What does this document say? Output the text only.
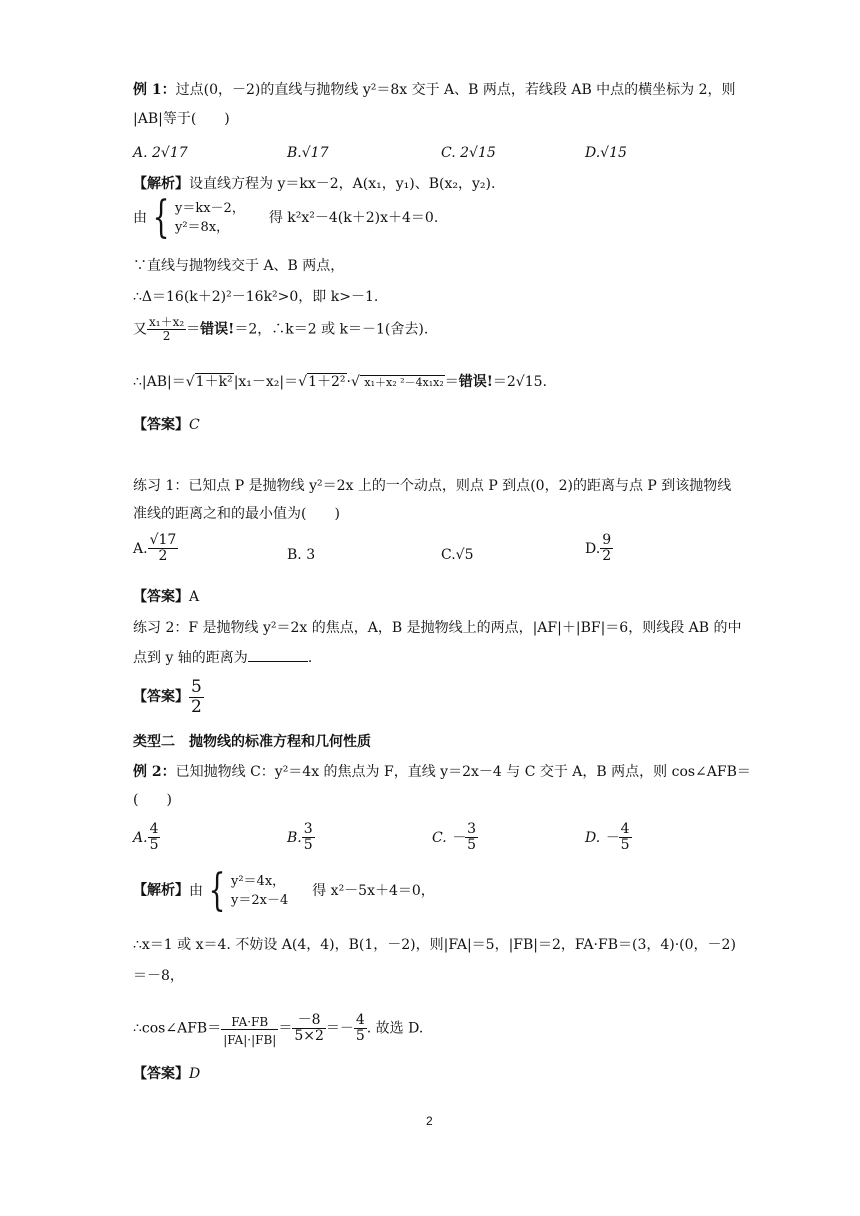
例 1：过点(0，－2)的直线与抛物线 y²＝8x 交于 A、B 两点，若线段 AB 中点的横坐标为 2，则
|AB|等于(　　)
A. 2√17	B.√17	C. 2√15	D.√15
【解析】设直线方程为 y＝kx－2，A(x₁，y₁)、B(x₂，y₂).
由 { y＝kx－2，
y²＝8x，
得 k²x²－4(k＋2)x＋4＝0.
∵直线与抛物线交于 A、B 两点，
∴Δ＝16(k＋2)²－16k²>0，即 k>－1.
又 $\frac{\text{x₁＋x₂}}{2}$ ＝错误!＝2，∴k＝2 或 k＝－1(舍去).
∴|AB|＝√1＋k²|x₁－x₂|＝√1＋2²·√ x₁＋x₂ ²－4x₁x₂＝错误!＝2√15.
【答案】C
练习 1：已知点 P 是抛物线 y²＝2x 上的一个动点，则点 P 到点(0，2)的距离与点 P 到该抛物线
准线的距离之和的最小值为(　　)
A. $\frac{√17}{2}$	B. 3	C.√5	D. $\frac{9}{2}$
【答案】A
练习 2：F 是抛物线 y²＝2x 的焦点，A，B 是抛物线上的两点，|AF|＋|BF|＝6，则线段 AB 的中
点到 y 轴的距离为	.
【答案】 $\frac{5}{2}$
类型二　抛物线的标准方程和几何性质
例 2：已知抛物线 C：y²＝4x 的焦点为 F，直线 y＝2x－4 与 C 交于 A，B 两点，则 cos∠AFB＝
(　　)
A. $\frac{4}{5}$	B. $\frac{3}{5}$	C. － $\frac{3}{5}$	D. － $\frac{4}{5}$
【解析】由 { y²＝4x，
y＝2x－4
得 x²－5x＋4＝0，
∴x＝1 或 x＝4. 不妨设 A(4，4)，B(1，－2)，则|FA|＝5，|FB|＝2，FA·FB＝(3，4)·(0，－2)
＝－8，
∴cos∠AFB＝ $\frac{FA\cdot FB}{|FA|\cdot|FB|} = \frac{-8}{5\times 2} =- \frac{4}{5}$ . 故选 D.
【答案】D
2
